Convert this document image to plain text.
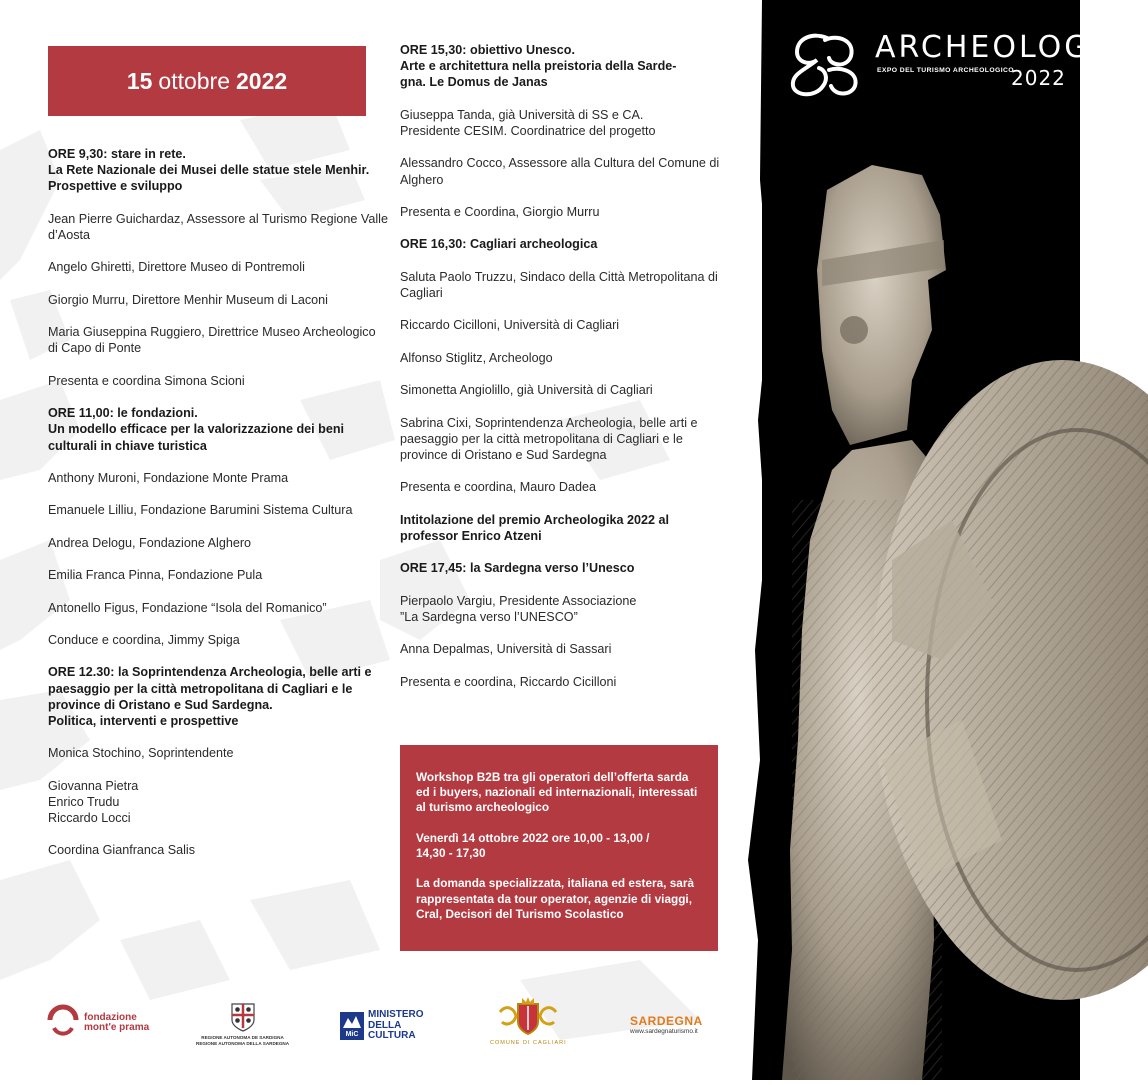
ARCHEOLOGIKA
EXPO DEL TURISMO ARCHEOLOGICO
2022
15 ottobre 2022

ORE 9,30: stare in rete.
La Rete Nazionale dei Musei delle statue stele Menhir.
Prospettive e sviluppo

Jean Pierre Guichardaz, Assessore al Turismo Regione Valle d’Aosta

Angelo Ghiretti, Direttore Museo di Pontremoli

Giorgio Murru, Direttore Menhir Museum di Laconi

Maria Giuseppina Ruggiero, Direttrice Museo Archeologico di Capo di Ponte

Presenta e coordina Simona Scioni

ORE 11,00: le fondazioni.
Un modello efficace per la valorizzazione dei beni culturali in chiave turistica

Anthony Muroni, Fondazione Monte Prama

Emanuele Lilliu, Fondazione Barumini Sistema Cultura

Andrea Delogu, Fondazione Alghero

Emilia Franca Pinna, Fondazione Pula

Antonello Figus, Fondazione “Isola del Romanico”

Conduce e coordina, Jimmy Spiga

ORE 12.30: la Soprintendenza Archeologia, belle arti e paesaggio per la città metropolitana di Cagliari e le province di Oristano e Sud Sardegna.
Politica, interventi e prospettive

Monica Stochino, Soprintendente

Giovanna Pietra
Enrico Trudu
Riccardo Locci

Coordina Gianfranca Salis

ORE 15,30: obiettivo Unesco.
Arte e architettura nella preistoria della Sarde-
gna. Le Domus de Janas

Giuseppa Tanda, già Università di SS e CA.
Presidente CESIM. Coordinatrice del progetto

Alessandro Cocco, Assessore alla Cultura del Comune di Alghero

Presenta e Coordina, Giorgio Murru

ORE 16,30: Cagliari archeologica

Saluta Paolo Truzzu, Sindaco della Città Metropolitana di Cagliari

Riccardo Cicilloni, Università di Cagliari

Alfonso Stiglitz, Archeologo

Simonetta Angiolillo, già Università di Cagliari

Sabrina Cixi, Soprintendenza Archeologia, belle arti e paesaggio per la città metropolitana di Cagliari e le province di Oristano e Sud Sardegna

Presenta e coordina, Mauro Dadea

Intitolazione del premio Archeologika 2022 al professor Enrico Atzeni

ORE 17,45: la Sardegna verso l’Unesco

Pierpaolo Vargiu, Presidente Associazione
”La Sardegna verso l’UNESCO”

Anna Depalmas, Università di Sassari

Presenta e coordina, Riccardo Cicilloni

Workshop B2B tra gli operatori dell’offerta sarda ed i buyers, nazionali ed internazionali, interessati al turismo archeologico

Venerdì 14 ottobre 2022 ore 10,00 - 13,00 /
14,30 - 17,30

La domanda specializzata, italiana ed estera, sarà rappresentata da tour operator, agenzie di viaggi, Cral, Decisori del Turismo Scolastico

fondazione
mont'e prama
REGIONE AUTONOMA DE SARDIGNA
REGIONE AUTONOMA DELLA SARDEGNA
MiC
MINISTERO
DELLA
CULTURA
COMUNE DI CAGLIARI
SARDEGNA
www.sardegnaturismo.it
